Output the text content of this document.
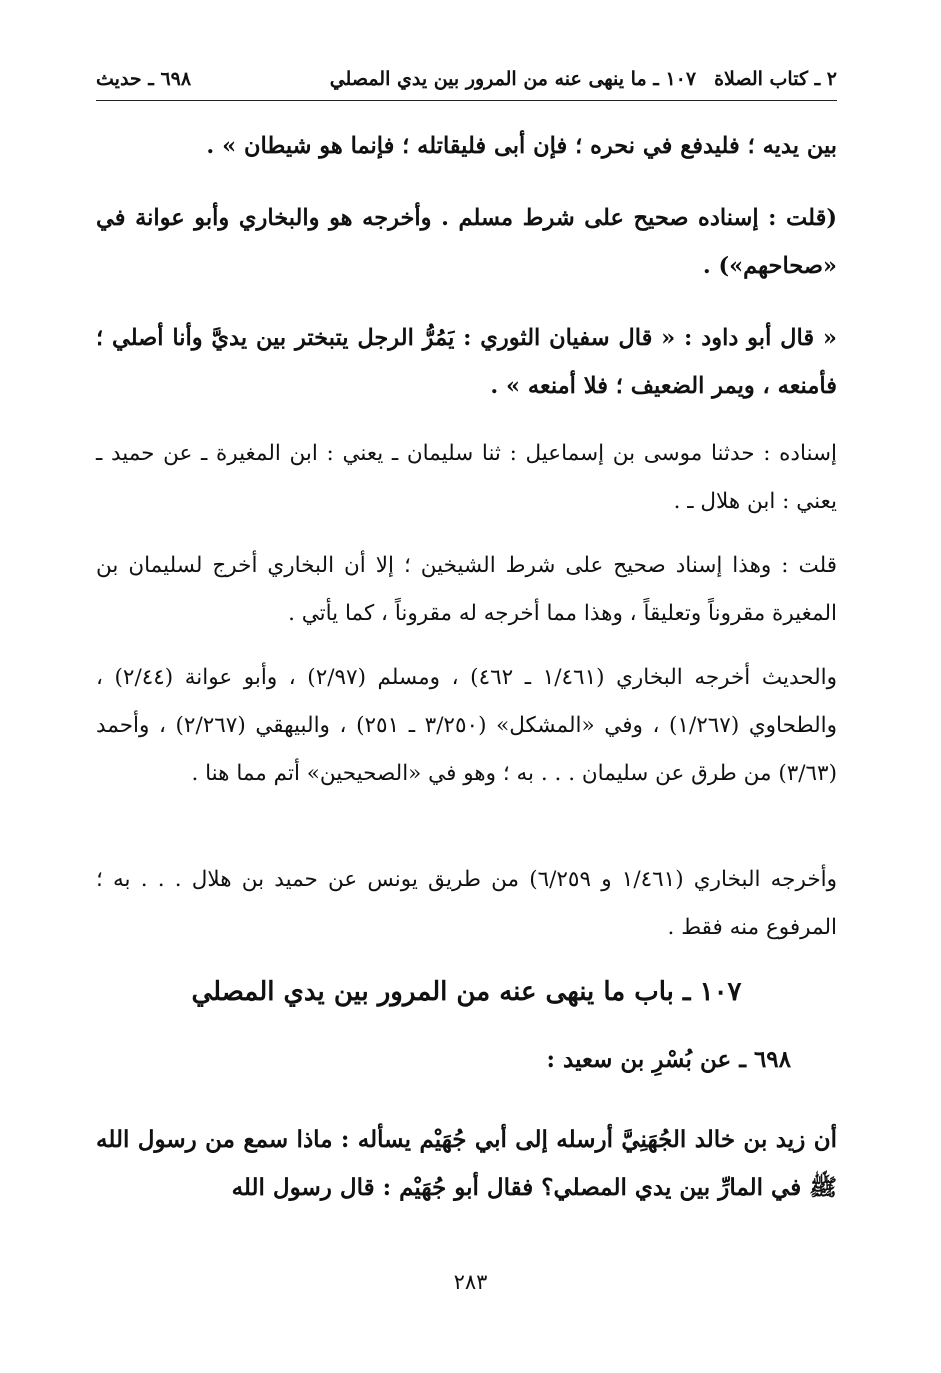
٢ ـ كتاب الصلاة١٠٧ ـ ما ينهى عنه من المرور بين يدي المصلي
٦٩٨ ـ حديث

بين يديه ؛ فليدفع في نحره ؛ فإن أبى فليقاتله ؛ فإنما هو شيطان » .

(قلت : إسناده صحيح على شرط مسلم . وأخرجه هو والبخاري وأبو عوانة في «صحاحهم») .

« قال أبو داود : « قال سفيان الثوري : يَمُرُّ الرجل يتبختر بين يديَّ وأنا أصلي ؛ فأمنعه ، ويمر الضعيف ؛ فلا أمنعه » .

إسناده : حدثنا موسى بن إسماعيل : ثنا سليمان ـ يعني : ابن المغيرة ـ عن حميد ـ يعني : ابن هلال ـ .

قلت : وهذا إسناد صحيح على شرط الشيخين ؛ إلا أن البخاري أخرج لسليمان بن المغيرة مقروناً وتعليقاً ، وهذا مما أخرجه له مقروناً ، كما يأتي .

والحديث أخرجه البخاري (١/٤٦١ ـ ٤٦٢) ، ومسلم (٢/٩٧) ، وأبو عوانة (٢/٤٤) ، والطحاوي (١/٢٦٧) ، وفي «المشكل» (٣/٢٥٠ ـ ٢٥١) ، والبيهقي (٢/٢٦٧) ، وأحمد (٣/٦٣) من طرق عن سليمان . . . به ؛ وهو في «الصحيحين» أتم مما هنا .

وأخرجه البخاري (١/٤٦١ و ٦/٢٥٩) من طريق يونس عن حميد بن هلال . . . به ؛ المرفوع منه فقط .

١٠٧ ـ باب ما ينهى عنه من المرور بين يدي المصلي
٦٩٨ ـ عن بُسْرِ بن سعيد :

أن زيد بن خالد الجُهَنِيَّ أرسله إلى أبي جُهَيْم يسأله : ماذا سمع من رسول الله ﷺ في المارِّ بين يدي المصلي؟ فقال أبو جُهَيْم : قال رسول الله

٢٨٣
